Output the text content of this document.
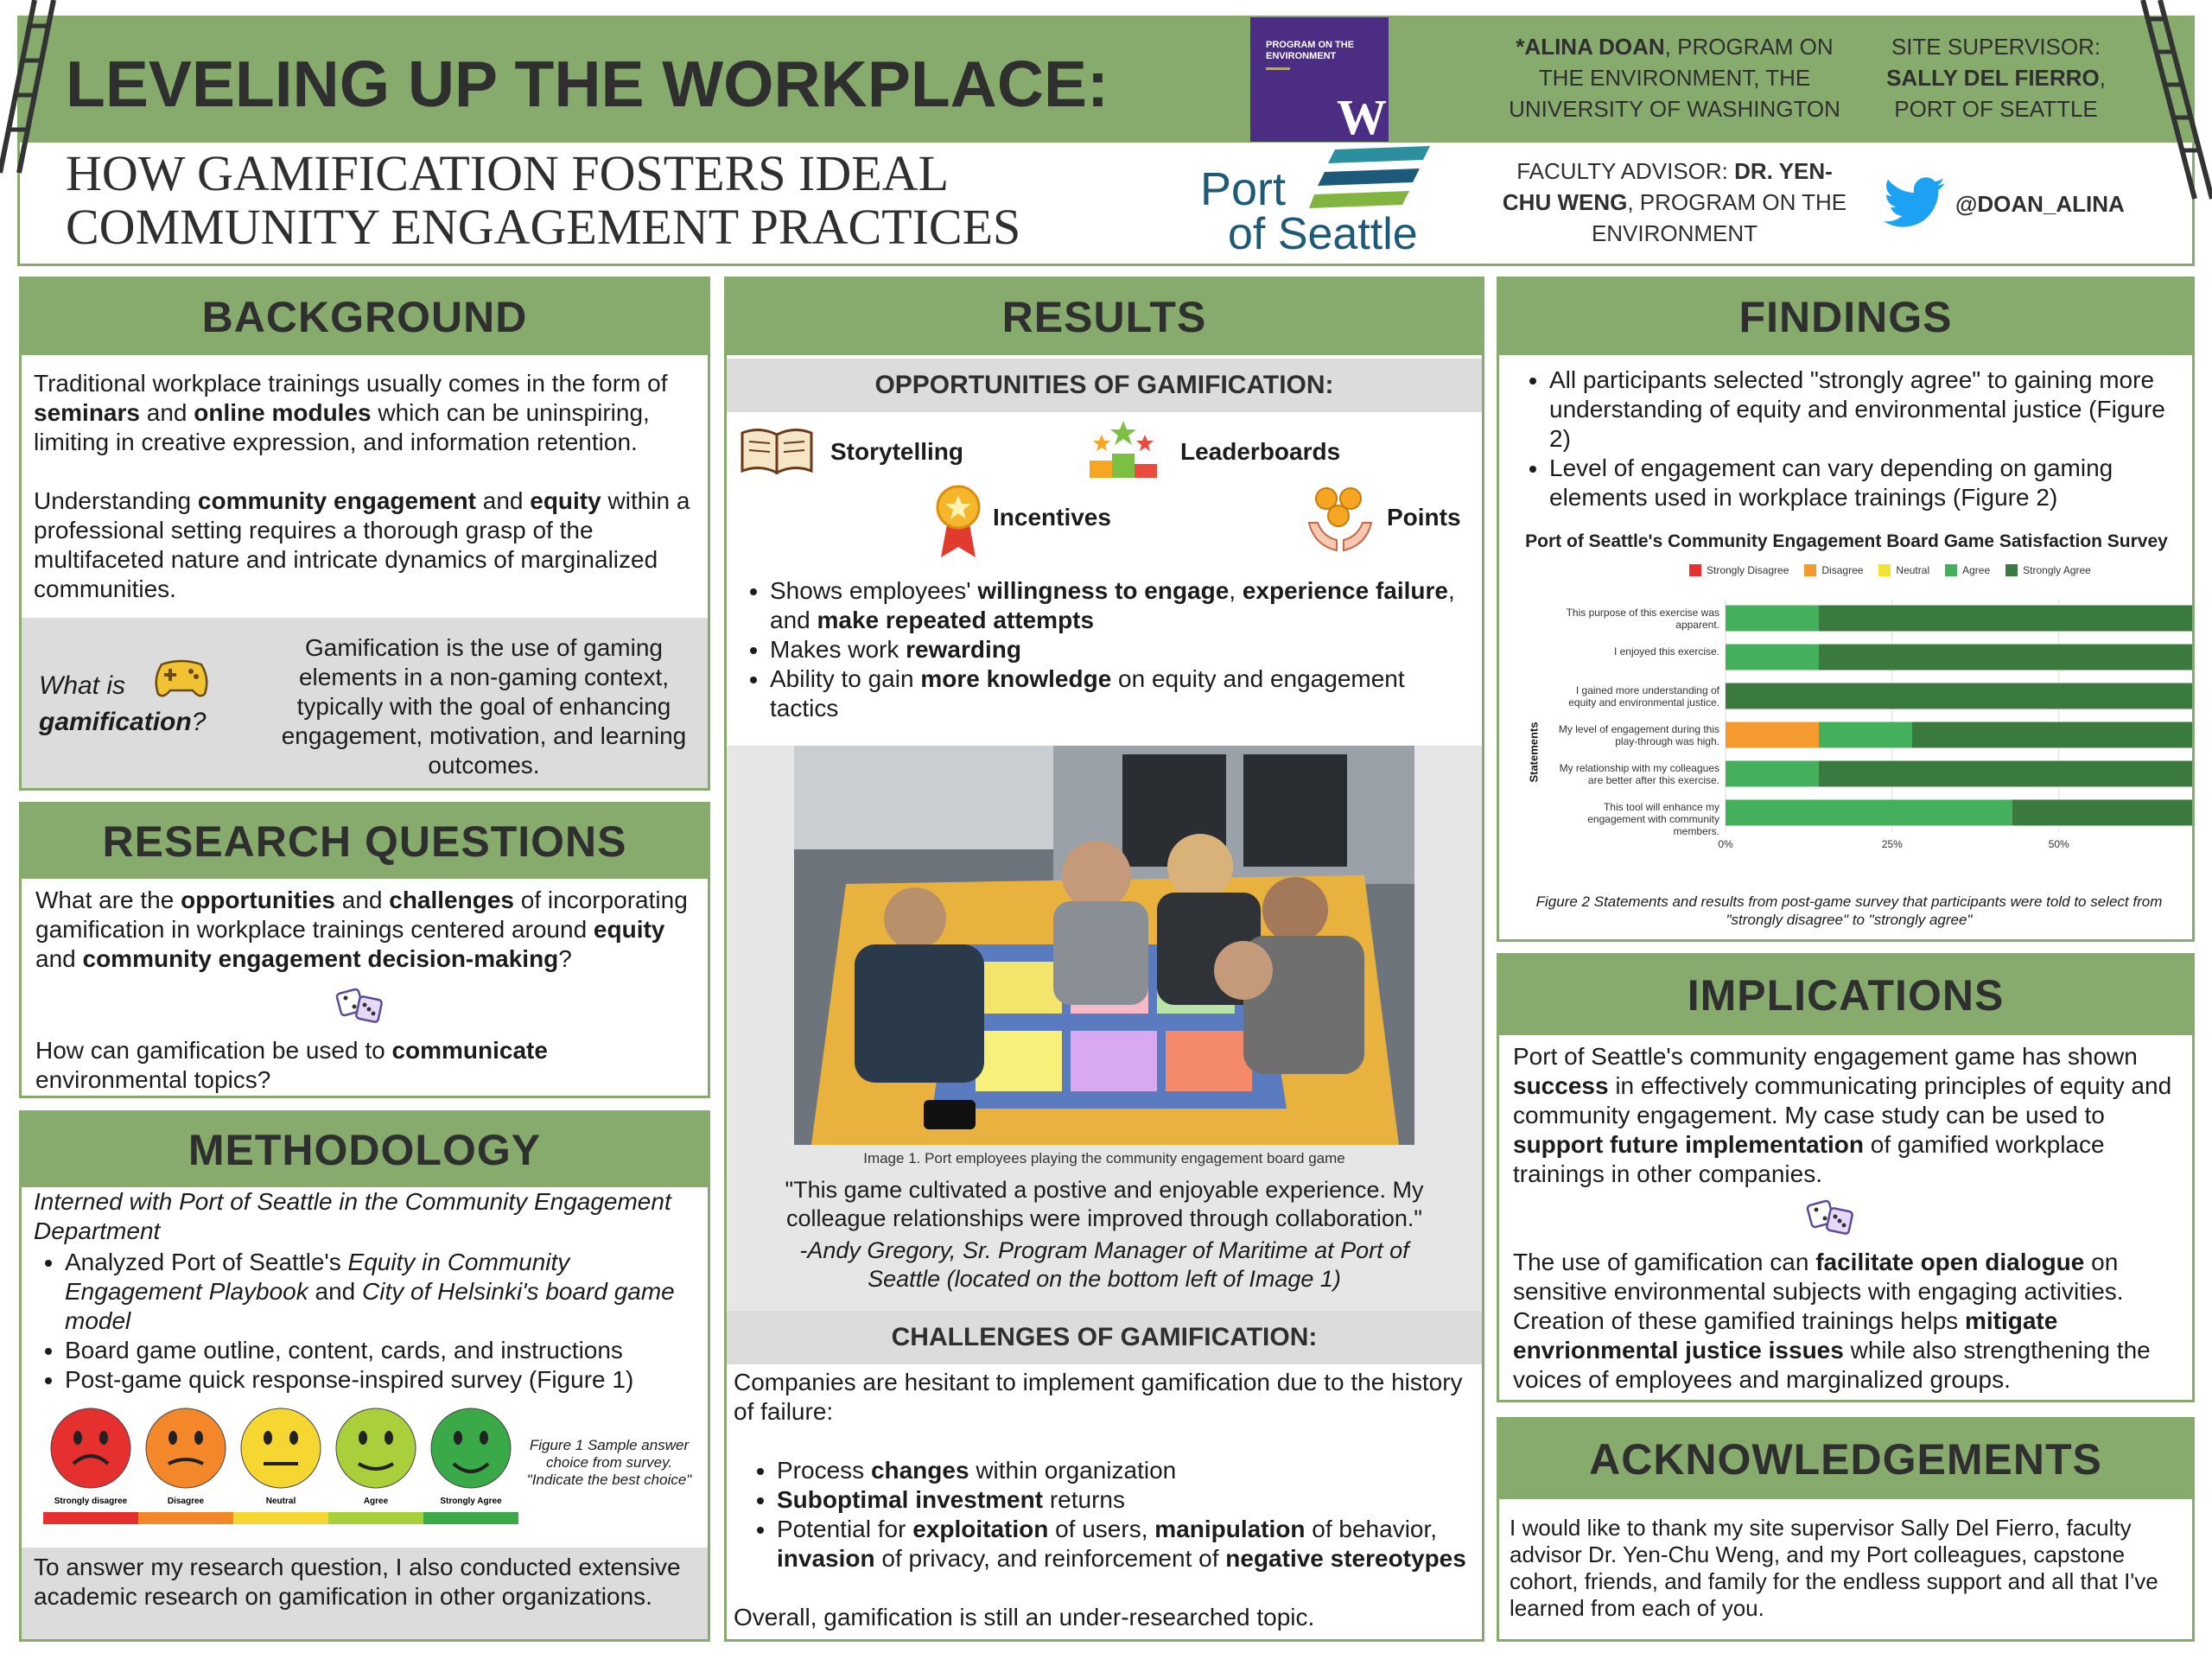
LEVELING UP THE WORKPLACE:
HOW GAMIFICATION FOSTERS IDEAL
COMMUNITY ENGAGEMENT PRACTICES
PROGRAM ON THE
ENVIRONMENT
W
Port
of Seattle
*ALINA DOAN, PROGRAM ON
THE ENVIRONMENT, THE
UNIVERSITY OF WASHINGTON
SITE SUPERVISOR:
SALLY DEL FIERRO,
PORT OF SEATTLE
FACULTY ADVISOR: DR. YEN-
CHU WENG, PROGRAM ON THE
ENVIRONMENT
@DOAN_ALINA
BACKGROUND
Traditional workplace trainings usually comes in the form of seminars and online modules which can be uninspiring, limiting in creative expression, and information retention.
Understanding community engagement and equity within a professional setting requires a thorough grasp of the multifaceted nature and intricate dynamics of marginalized communities.
What is
gamification?
Gamification is the use of gaming elements in a non-gaming context, typically with the goal of enhancing engagement, motivation, and learning outcomes.
RESEARCH QUESTIONS
What are the opportunities and challenges of incorporating gamification in workplace trainings centered around equity and community engagement decision-making?
How can gamification be used to communicate environmental topics?
METHODOLOGY
Interned with Port of Seattle in the Community Engagement Department
• Analyzed Port of Seattle's Equity in Community Engagement Playbook and City of Helsinki's board game model
• Board game outline, content, cards, and instructions
• Post-game quick response-inspired survey (Figure 1)
Strongly disagree	Disagree	Neutral	Agree	Strongly Agree
Figure 1 Sample answer choice from survey. "Indicate the best choice"
To answer my research question, I also conducted extensive academic research on gamification in other organizations.
RESULTS
OPPORTUNITIES OF GAMIFICATION:
Storytelling	Leaderboards
Incentives	Points
• Shows employees' willingness to engage, experience failure, and make repeated attempts
• Makes work rewarding
• Ability to gain more knowledge on equity and engagement tactics
Image 1. Port employees playing the community engagement board game
"This game cultivated a postive and enjoyable experience. My colleague relationships were improved through collaboration."
-Andy Gregory, Sr. Program Manager of Maritime at Port of Seattle (located on the bottom left of Image 1)
CHALLENGES OF GAMIFICATION:
Companies are hesitant to implement gamification due to the history of failure:
• Process changes within organization
• Suboptimal investment returns
• Potential for exploitation of users, manipulation of behavior, invasion of privacy, and reinforcement of negative stereotypes
Overall, gamification is still an under-researched topic.
FINDINGS
• All participants selected "strongly agree" to gaining more understanding of equity and environmental justice (Figure 2)
• Level of engagement can vary depending on gaming elements used in workplace trainings (Figure 2)
Port of Seattle's Community Engagement Board Game Satisfaction Survey
Strongly Disagree	Disagree	Neutral	Agree	Strongly Agree
Statements
This purpose of this exercise was apparent.
I enjoyed this exercise.
I gained more understanding of equity and environmental justice.
My level of engagement during this play-through was high.
My relationship with my colleagues are better after this exercise.
This tool will enhance my engagement with community members.
0%	25%	50%
Figure 2 Statements and results from post-game survey that participants were told to select from "strongly disagree" to "strongly agree"
IMPLICATIONS
Port of Seattle's community engagement game has shown success in effectively communicating principles of equity and community engagement. My case study can be used to support future implementation of gamified workplace trainings in other companies.
The use of gamification can facilitate open dialogue on sensitive environmental subjects with engaging activities. Creation of these gamified trainings helps mitigate envrionmental justice issues while also strengthening the voices of employees and marginalized groups.
ACKNOWLEDGEMENTS
I would like to thank my site supervisor Sally Del Fierro, faculty advisor Dr. Yen-Chu Weng, and my Port colleagues, capstone cohort, friends, and family for the endless support and all that I've learned from each of you.
